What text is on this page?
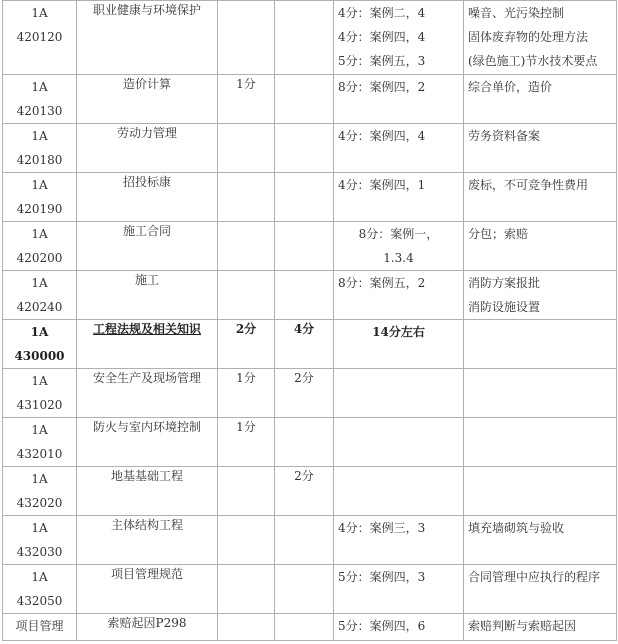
1A
420120	职业健康与环境保护			4分：案例二，4
4分：案例四，4
5分：案例五，3	噪音、光污染控制
固体废弃物的处理方法
(绿色施工)节水技术要点

1A
420130	造价计算	1分		8分：案例四，2	综合单价，造价

1A
420180	劳动力管理			4分：案例四，4	劳务资料备案

1A
420190	招投标康			4分：案例四，1	废标，不可竞争性费用

1A
420200	施工合同			8分：案例一，
1.3.4	分包；索赔

1A
420240	施工			8分：案例五，2	消防方案报批
消防设施设置

1A
430000	工程法规及相关知识	2分	4分	14分左右	

1A
431020	安全生产及现场管理	1分	2分		

1A
432010	防火与室内环境控制	1分			

1A
432020	地基基础工程		2分		

1A
432030	主体结构工程			4分：案例三，3	填充墙砌筑与验收

1A
432050	项目管理规范			5分：案例四，3	合同管理中应执行的程序

项目管理	索赔起因P298			5分：案例四，6	索赔判断与索赔起因
